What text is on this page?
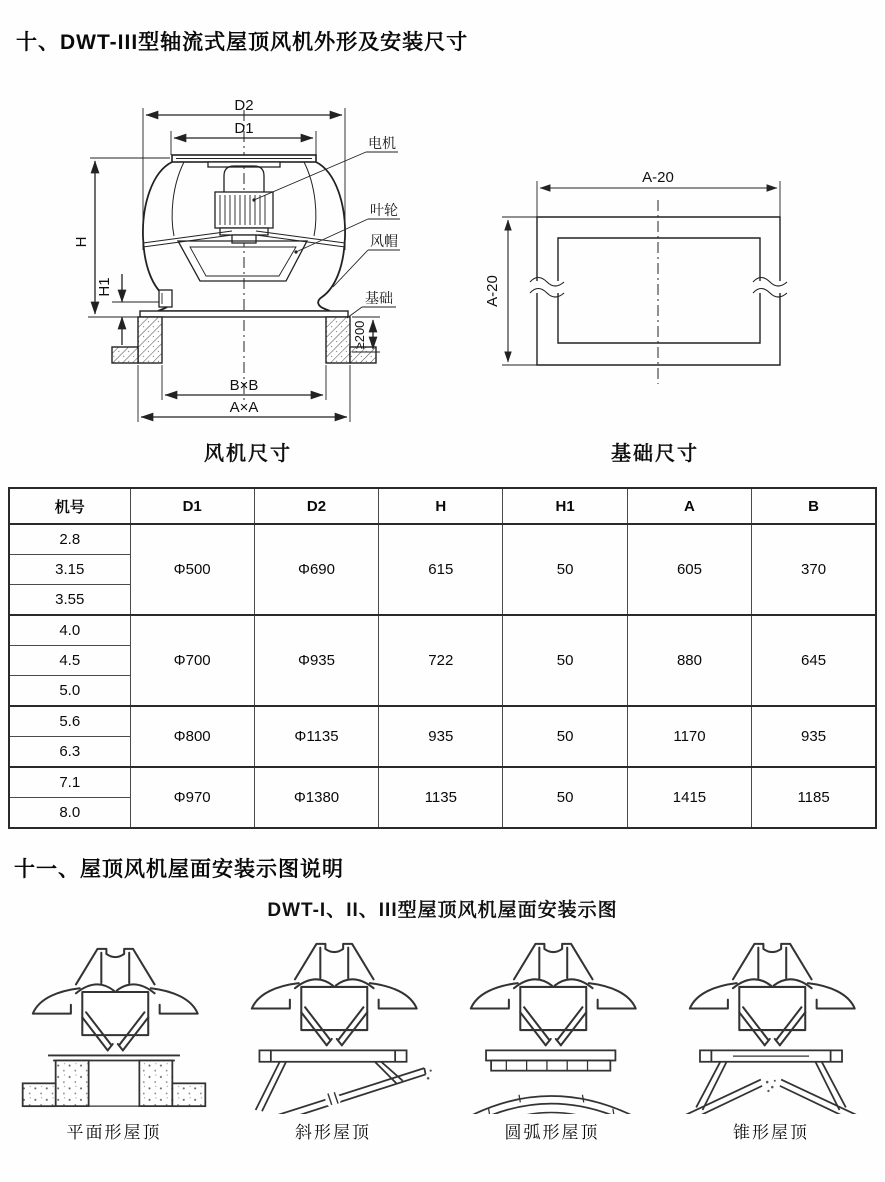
十、DWT-III型轴流式屋顶风机外形及安装尺寸
D2
D1
H
H1
≥200
B×B
A×A
电机
叶轮
风帽
基础
风机尺寸
A-20
A-20
基础尺寸
机号	D1	D2	H	H1	A	B
2.8	Φ500	Φ690	615	50	605	370
3.15						
3.55						
4.0	Φ700	Φ935	722	50	880	645
4.5						
5.0						
5.6	Φ800	Φ1135	935	50	1170	935
6.3						
7.1	Φ970	Φ1380	1135	50	1415	1185
8.0						
十一、屋顶风机屋面安装示图说明
DWT-I、II、III型屋顶风机屋面安装示图
平面形屋顶	斜形屋顶	圆弧形屋顶	锥形屋顶
